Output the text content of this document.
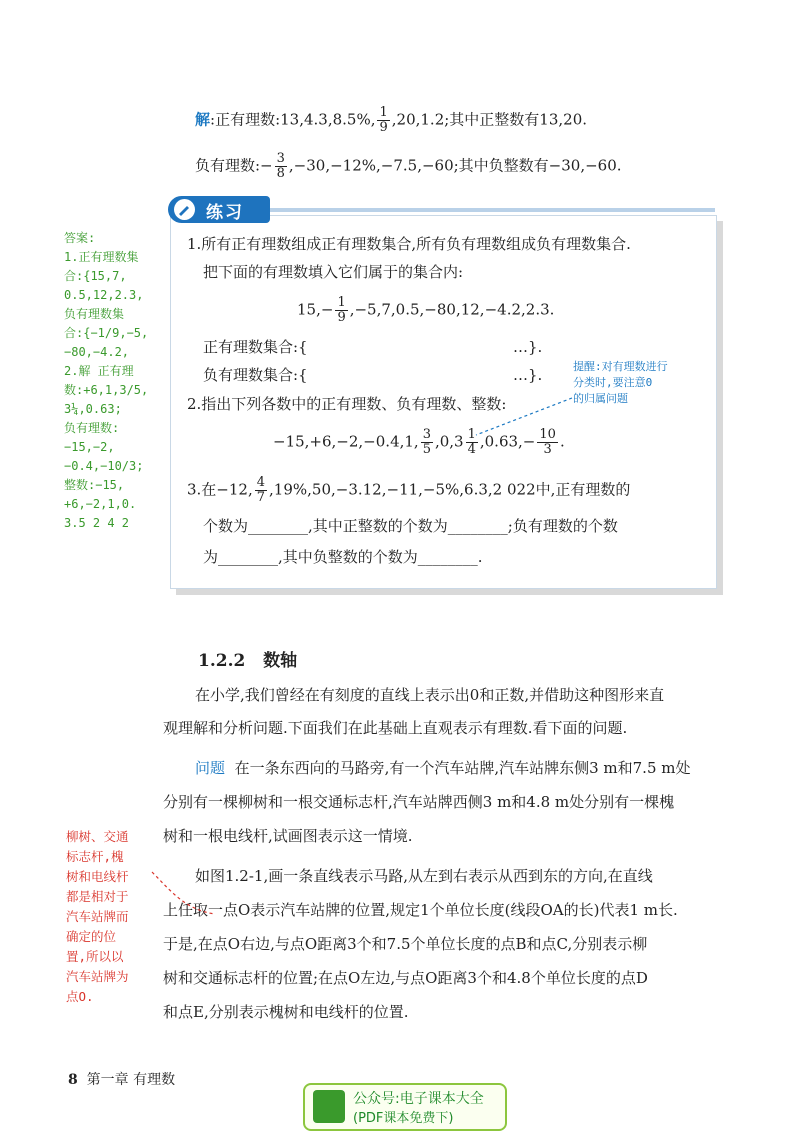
解:正有理数:13,4.3,8.5%, $\frac{1}{9} ,20,1.2$;其中正整数有13,20.
负有理数:− $\frac{3}{8} ,-30,-12\%,-7.5,-60$;其中负整数有−30,−60.
练习
1.所有正有理数组成正有理数集合,所有负有理数组成负有理数集合.
把下面的有理数填入它们属于的集合内:
$15,- \frac{1}{9} ,-5,7,0.5,-80,12,-4.2,2.3$.
正有理数集合:{	…}.
负有理数集合:{	…}.
2.指出下列各数中的正有理数、负有理数、整数:
−15,+6,−2,−0.4,1, $\frac{3}{5} ,0,3 \frac{1}{4} ,0.63,- \frac{10}{3}$ .
3.在−12, $\frac{4}{7} ,19\%,50,-3.12,-11,-5\%,6.3,2$ 022中,正有理数的
个数为________,其中正整数的个数为________;负有理数的个数
为________,其中负整数的个数为________.
答案:
1.正有理数集
合:{15,7,
0.5,12,2.3,
负有理数集
合:{−1/9,−5,
−80,−4.2,
2.解 正有理
数:+6,1,3/5,
3¼,0.63;
负有理数:
−15,−2,
−0.4,−10/3;
整数:−15,
+6,−2,1,0.
3.5 2 4 2
提醒:对有理数进行
分类时,要注意0
的归属问题
1.2.2 数轴
在小学,我们曾经在有刻度的直线上表示出0和正数,并借助这种图形来直
观理解和分析问题.下面我们在此基础上直观表示有理数.看下面的问题.
问题 在一条东西向的马路旁,有一个汽车站牌,汽车站牌东侧3 m和7.5 m处
分别有一棵柳树和一根交通标志杆,汽车站牌西侧3 m和4.8 m处分别有一棵槐
树和一根电线杆,试画图表示这一情境.
如图1.2-1,画一条直线表示马路,从左到右表示从西到东的方向,在直线
上任取一点O表示汽车站牌的位置,规定1个单位长度(线段OA的长)代表1 m长.
于是,在点O右边,与点O距离3个和7.5个单位长度的点B和点C,分别表示柳
树和交通标志杆的位置;在点O左边,与点O距离3个和4.8个单位长度的点D
和点E,分别表示槐树和电线杆的位置.
柳树、交通
标志杆,槐
树和电线杆
都是相对于
汽车站牌而
确定的位
置,所以以
汽车站牌为
点O.
8 第一章 有理数
公众号:电子课本大全
(PDF课本免费下)
